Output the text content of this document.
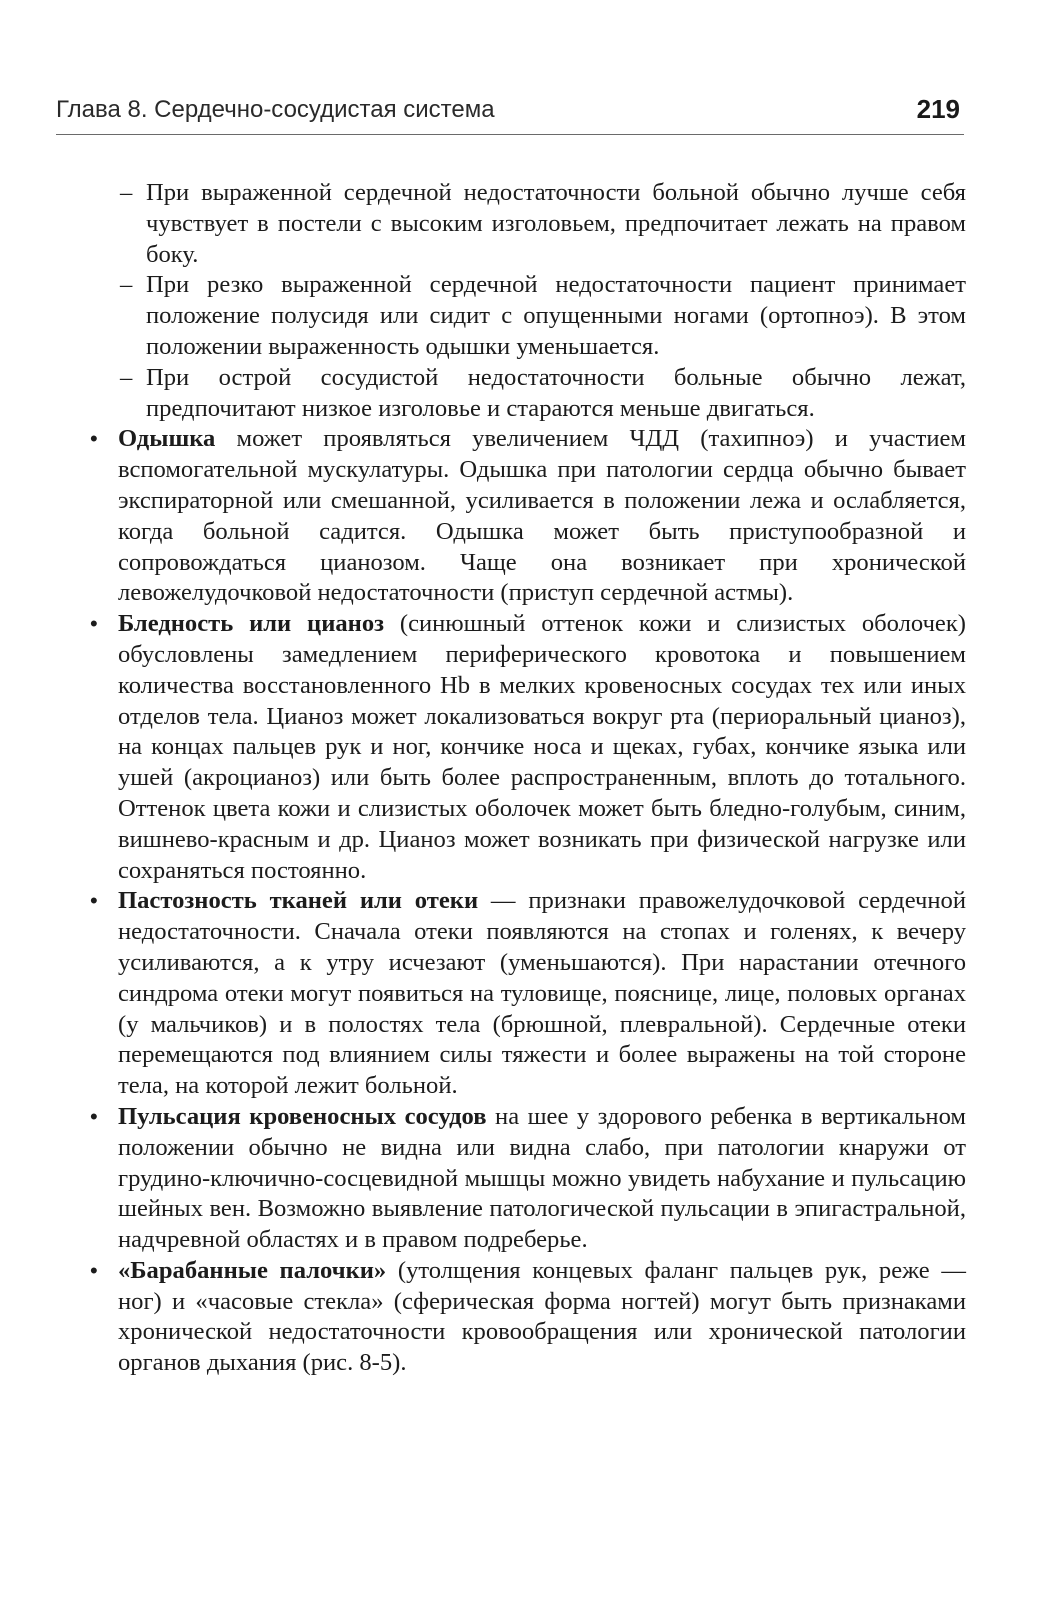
Глава 8. Сердечно-сосудистая система	219
– При выраженной сердечной недостаточности больной обычно лучше себя чувствует в постели с высоким изголовьем, предпочитает лежать на правом боку.
– При резко выраженной сердечной недостаточности пациент принимает положение полусидя или сидит с опущенными ногами (ортопноэ). В этом положении выраженность одышки уменьшается.
– При острой сосудистой недостаточности больные обычно лежат, предпочитают низкое изголовье и стараются меньше двигаться.
• Одышка может проявляться увеличением ЧДД (тахипноэ) и участием вспомогательной мускулатуры. Одышка при патологии сердца обычно бывает экспираторной или смешанной, усиливается в положении лежа и ослабляется, когда больной садится. Одышка может быть приступообразной и сопровождаться цианозом. Чаще она возникает при хронической левожелудочковой недостаточности (приступ сердечной астмы).
• Бледность или цианоз (синюшный оттенок кожи и слизистых оболочек) обусловлены замедлением периферического кровотока и повышением количества восстановленного Hb в мелких кровеносных сосудах тех или иных отделов тела. Цианоз может локализоваться вокруг рта (периоральный цианоз), на концах пальцев рук и ног, кончике носа и щеках, губах, кончике языка или ушей (акроцианоз) или быть более распространенным, вплоть до тотального. Оттенок цвета кожи и слизистых оболочек может быть бледно-голубым, синим, вишнево-красным и др. Цианоз может возникать при физической нагрузке или сохраняться постоянно.
• Пастозность тканей или отеки — признаки правожелудочковой сердечной недостаточности. Сначала отеки появляются на стопах и голенях, к вечеру усиливаются, а к утру исчезают (уменьшаются). При нарастании отечного синдрома отеки могут появиться на туловище, пояснице, лице, половых органах (у мальчиков) и в полостях тела (брюшной, плевральной). Сердечные отеки перемещаются под влиянием силы тяжести и более выражены на той стороне тела, на которой лежит больной.
• Пульсация кровеносных сосудов на шее у здорового ребенка в вертикальном положении обычно не видна или видна слабо, при патологии кнаружи от грудино-ключично-сосцевидной мышцы можно увидеть набухание и пульсацию шейных вен. Возможно выявление патологической пульсации в эпигастральной, надчревной областях и в правом подреберье.
• «Барабанные палочки» (утолщения концевых фаланг пальцев рук, реже — ног) и «часовые стекла» (сферическая форма ногтей) могут быть признаками хронической недостаточности кровообращения или хронической патологии органов дыхания (рис. 8-5).
